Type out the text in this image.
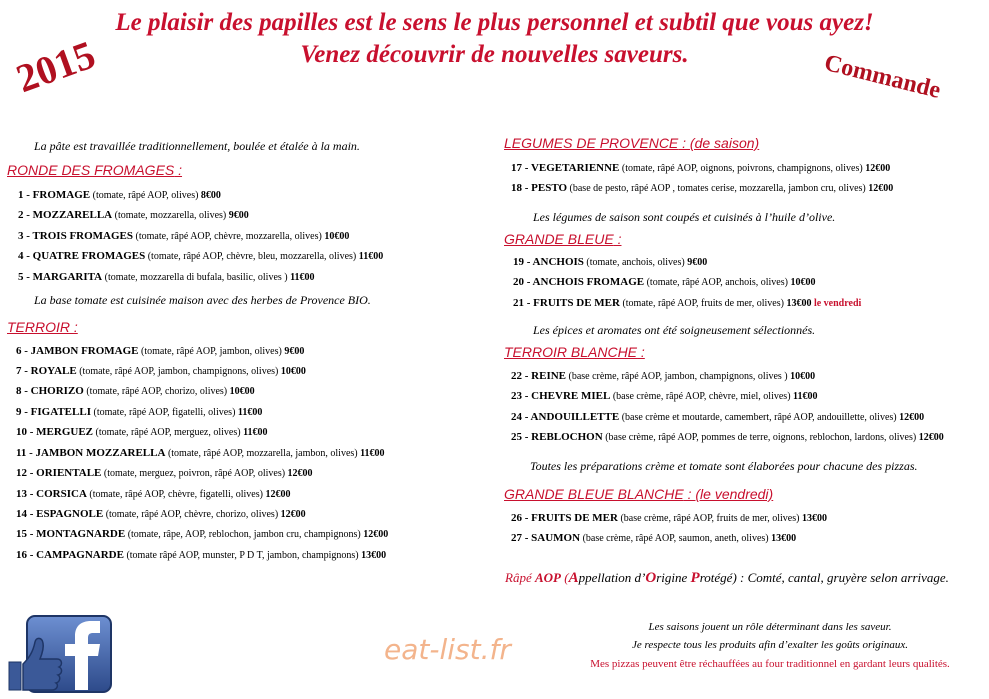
Le plaisir des papilles est le sens le plus personnel et subtil que vous ayez!
Venez découvrir de nouvelles saveurs.
2015	Commande
La pâte est travaillée traditionnellement, boulée et étalée à la main.
RONDE DES FROMAGES :
1 - FROMAGE (tomate, râpé AOP, olives) 8€00
2 - MOZZARELLA (tomate, mozzarella, olives) 9€00
3 - TROIS FROMAGES (tomate, râpé AOP, chèvre, mozzarella, olives) 10€00
4 - QUATRE FROMAGES (tomate, râpé AOP, chèvre, bleu, mozzarella, olives) 11€00
5 - MARGARITA (tomate, mozzarella di bufala, basilic, olives ) 11€00
La base tomate est cuisinée maison avec des herbes de Provence BIO.
TERROIR :
6 - JAMBON FROMAGE (tomate, râpé AOP, jambon, olives) 9€00
7 - ROYALE (tomate, râpé AOP, jambon, champignons, olives) 10€00
8 - CHORIZO (tomate, râpé AOP, chorizo, olives) 10€00
9 - FIGATELLI (tomate, râpé AOP, figatelli, olives) 11€00
10 - MERGUEZ (tomate, râpé AOP, merguez, olives) 11€00
11 - JAMBON MOZZARELLA (tomate, râpé AOP, mozzarella, jambon, olives) 11€00
12 - ORIENTALE (tomate, merguez, poivron, râpé AOP, olives) 12€00
13 - CORSICA (tomate, râpé AOP, chèvre, figatelli, olives) 12€00
14 - ESPAGNOLE (tomate, râpé AOP, chèvre, chorizo, olives) 12€00
15 - MONTAGNARDE (tomate, râpe, AOP, reblochon, jambon cru, champignons) 12€00
16 - CAMPAGNARDE (tomate râpé AOP, munster, P D T, jambon, champignons) 13€00
LEGUMES DE PROVENCE : (de saison)
17 - VEGETARIENNE (tomate, râpé AOP, oignons, poivrons, champignons, olives) 12€00
18 - PESTO (base de pesto, râpé AOP , tomates cerise, mozzarella, jambon cru, olives) 12€00
Les légumes de saison sont coupés et cuisinés à l’huile d’olive.
GRANDE BLEUE :
19 - ANCHOIS (tomate, anchois, olives) 9€00
20 - ANCHOIS FROMAGE (tomate, râpé AOP, anchois, olives) 10€00
21 - FRUITS DE MER (tomate, râpé AOP, fruits de mer, olives) 13€00 le vendredi
Les épices et aromates ont été soigneusement sélectionnés.
TERROIR BLANCHE :
22 - REINE (base crème, râpé AOP, jambon, champignons, olives ) 10€00
23 - CHEVRE MIEL (base crème, râpé AOP, chèvre, miel, olives) 11€00
24 - ANDOUILLETTE (base crème et moutarde, camembert, râpé AOP, andouillette, olives) 12€00
25 - REBLOCHON (base crème, râpé AOP, pommes de terre, oignons, reblochon, lardons, olives) 12€00
Toutes les préparations crème et tomate sont élaborées pour chacune des pizzas.
GRANDE BLEUE BLANCHE : (le vendredi)
26 - FRUITS DE MER (base crème, râpé AOP, fruits de mer, olives) 13€00
27 - SAUMON (base crème, râpé AOP, saumon, aneth, olives) 13€00
Râpé AOP (Appellation d’Origine Protégé) : Comté, cantal, gruyère selon arrivage.
Les saisons jouent un rôle déterminant dans les saveur.
Je respecte tous les produits afin d’exalter les goûts originaux.
Mes pizzas peuvent être réchauffées au four traditionnel en gardant leurs qualités.
eat-list.fr
